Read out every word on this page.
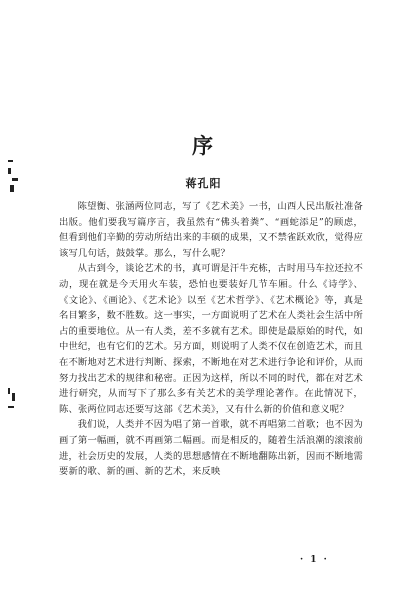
序
蒋孔阳

陈望衡、张涵两位同志，写了《艺术美》一书，山西人民出版社准备出版。他们要我写篇序言，我虽然有“佛头着粪”、“画蛇添足”的顾虑，但看到他们辛勤的劳动所结出来的丰硕的成果，又不禁雀跃欢欣，觉得应该写几句话，鼓鼓掌。那么，写什么呢？

从古到今，谈论艺术的书，真可谓是汗牛充栋，古时用马车拉还拉不动，现在就是今天用火车装，恐怕也要装好几节车厢。什么《诗学》、《文论》、《画论》、《艺术论》以至《艺术哲学》、《艺术概论》等，真是名目繁多，数不胜数。这一事实，一方面说明了艺术在人类社会生活中所占的重要地位。从一有人类，差不多就有艺术。即使是最原始的时代，如中世纪，也有它们的艺术。另方面，则说明了人类不仅在创造艺术，而且在不断地对艺术进行判断、探索，不断地在对艺术进行争论和评价，从而努力找出艺术的规律和秘密。正因为这样，所以不同的时代，都在对艺术进行研究，从而写下了那么多有关艺术的美学理论著作。在此情况下，陈、张两位同志还要写这部《艺术美》，又有什么新的价值和意义呢？

我们说，人类并不因为唱了第一首歌，就不再唱第二首歌；也不因为画了第一幅画，就不再画第二幅画。而是相反的，随着生活浪潮的滚滚前进，社会历史的发展，人类的思想感情在不断地翻陈出新，因而不断地需要新的歌、新的画、新的艺术，来反映

· 1 ·
